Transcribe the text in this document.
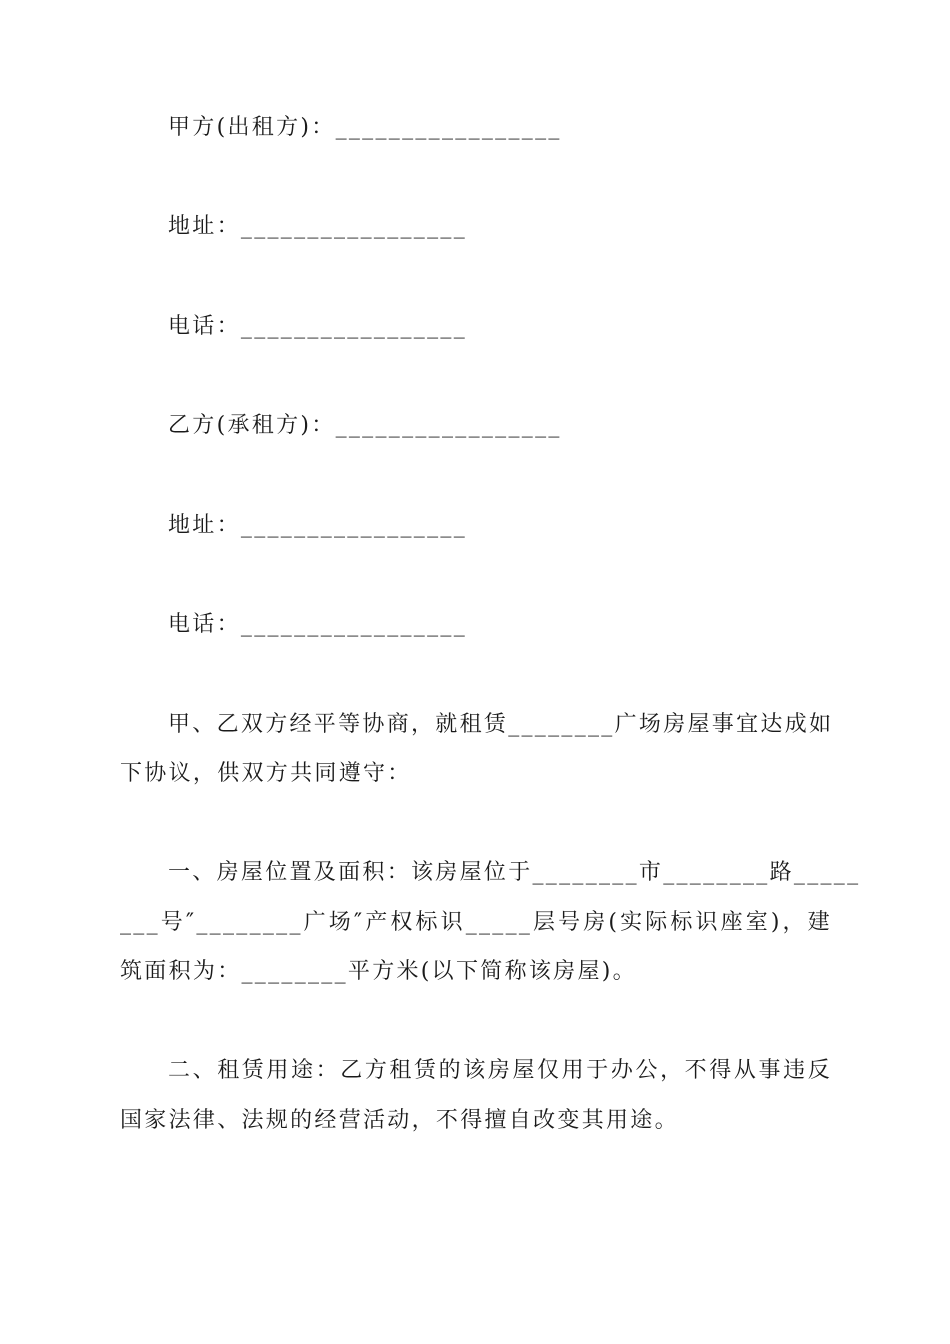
甲方(出租方)：_________________
地址：_________________
电话：_________________
乙方(承租方)：_________________
地址：_________________
电话：_________________
甲、乙双方经平等协商，就租赁________广场房屋事宜达成如
下协议，供双方共同遵守：
一、房屋位置及面积：该房屋位于________市________路_____
___号″________广场″产权标识_____层号房(实际标识座室)，建
筑面积为：________平方米(以下简称该房屋)。
二、租赁用途：乙方租赁的该房屋仅用于办公，不得从事违反
国家法律、法规的经营活动，不得擅自改变其用途。
